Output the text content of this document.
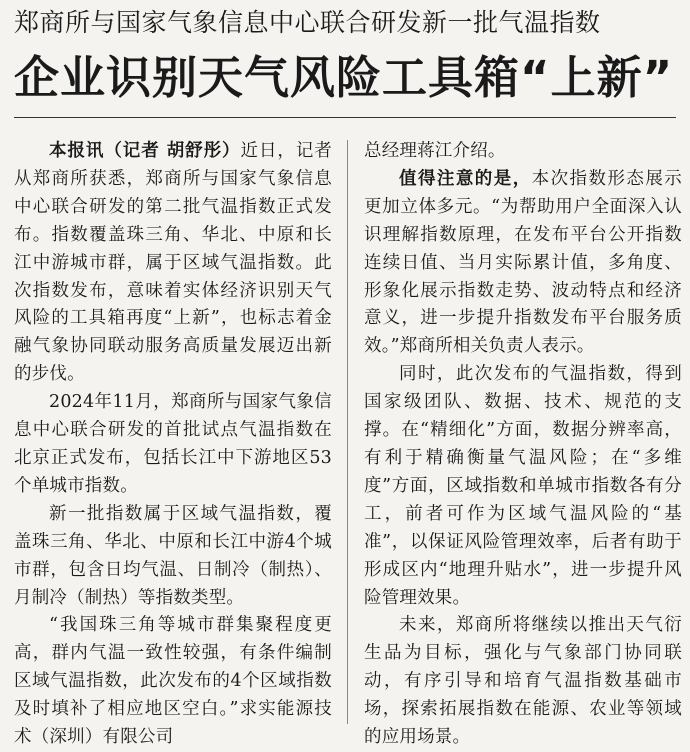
郑商所与国家气象信息中心联合研发新一批气温指数
企业识别天气风险工具箱“上新”

本报讯（记者 胡舒彤）近日，记者从郑商所获悉，郑商所与国家气象信息中心联合研发的第二批气温指数正式发布。指数覆盖珠三角、华北、中原和长江中游城市群，属于区域气温指数。此次指数发布，意味着实体经济识别天气风险的工具箱再度“上新”，也标志着金融气象协同联动服务高质量发展迈出新的步伐。

2024年11月，郑商所与国家气象信息中心联合研发的首批试点气温指数在北京正式发布，包括长江中下游地区53个单城市指数。

新一批指数属于区域气温指数，覆盖珠三角、华北、中原和长江中游4个城市群，包含日均气温、日制冷（制热）、月制冷（制热）等指数类型。

“我国珠三角等城市群集聚程度更高，群内气温一致性较强，有条件编制区域气温指数，此次发布的4个区域指数及时填补了相应地区空白。”求实能源技术（深圳）有限公司

总经理蒋江介绍。

值得注意的是，本次指数形态展示更加立体多元。“为帮助用户全面深入认识理解指数原理，在发布平台公开指数连续日值、当月实际累计值，多角度、形象化展示指数走势、波动特点和经济意义，进一步提升指数发布平台服务质效。”郑商所相关负责人表示。

同时，此次发布的气温指数，得到国家级团队、数据、技术、规范的支撑。在“精细化”方面，数据分辨率高，有利于精确衡量气温风险；在“多维度”方面，区域指数和单城市指数各有分工，前者可作为区域气温风险的“基准”，以保证风险管理效率，后者有助于形成区内“地理升贴水”，进一步提升风险管理效果。

未来，郑商所将继续以推出天气衍生品为目标，强化与气象部门协同联动，有序引导和培育气温指数基础市场，探索拓展指数在能源、农业等领域的应用场景。
